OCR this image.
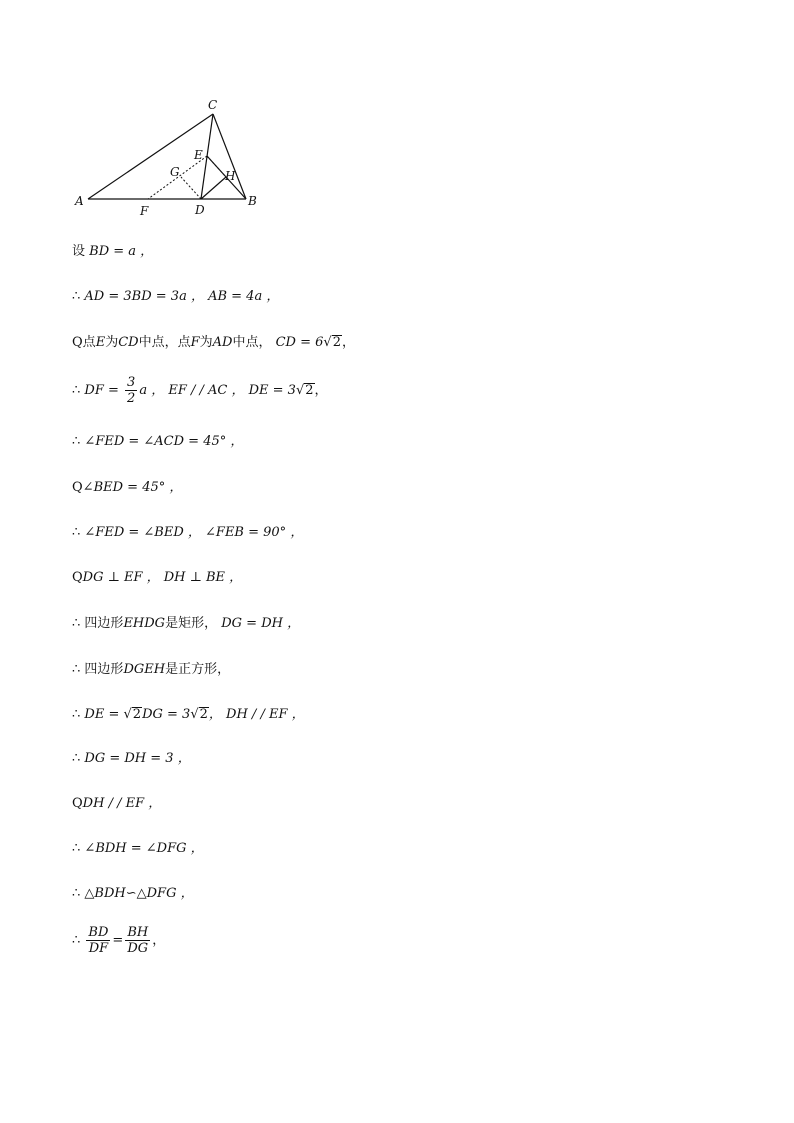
A	B
C
D
E
F
G	H
设 BD = a ，
∴ AD = 3BD = 3a ， AB = 4a ，
Q点E为CD中点，点F为AD中点， CD = 6√2，
∴ DF = $\frac{3}{2}$ a ， EF / / AC ， DE = 3√2，
∴ ∠FED = ∠ACD = 45° ，
Q∠BED = 45° ，
∴ ∠FED = ∠BED ， ∠FEB = 90° ，
QDG ⊥ EF ， DH ⊥ BE ，
∴ 四边形EHDG是矩形， DG = DH ，
∴ 四边形DGEH是正方形，
∴ DE = √2DG = 3√2， DH / / EF ，
∴ DG = DH = 3 ，
QDH / / EF ，
∴ ∠BDH = ∠DFG ，
∴ △BDH∽△DFG ，
∴ $\frac{BD}{DF} = \frac{BH}{DG}$ ，
